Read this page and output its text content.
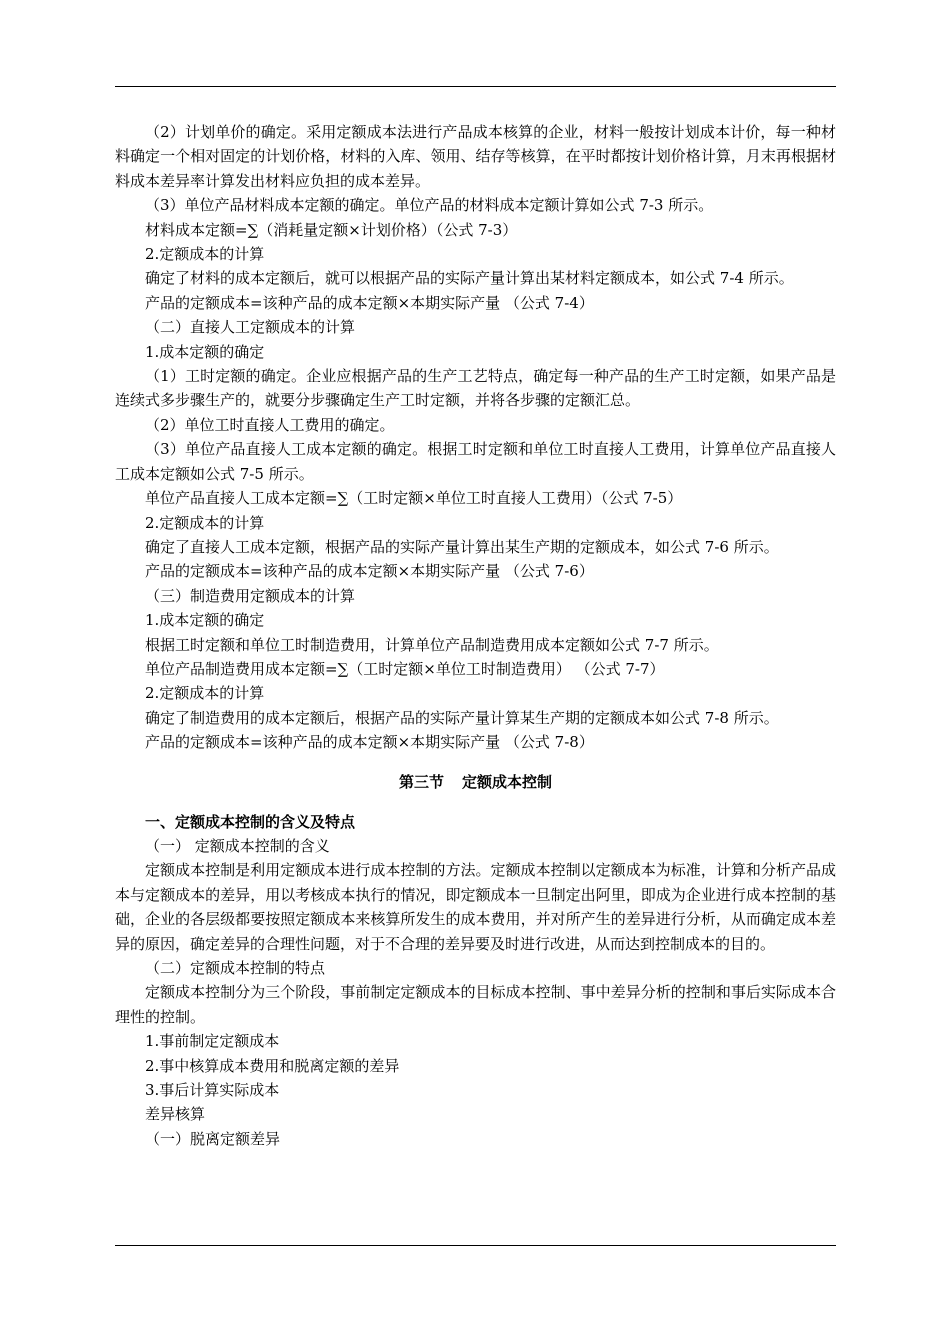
（2）计划单价的确定。采用定额成本法进行产品成本核算的企业，材料一般按计划成本计价，每一种材料确定一个相对固定的计划价格，材料的入库、领用、结存等核算，在平时都按计划价格计算，月末再根据材料成本差异率计算发出材料应负担的成本差异。

（3）单位产品材料成本定额的确定。单位产品的材料成本定额计算如公式 7-3 所示。

材料成本定额=∑（消耗量定额×计划价格）（公式 7-3）

2.定额成本的计算

确定了材料的成本定额后，就可以根据产品的实际产量计算出某材料定额成本，如公式 7-4 所示。

产品的定额成本=该种产品的成本定额×本期实际产量 （公式 7-4）

（二）直接人工定额成本的计算

1.成本定额的确定

（1）工时定额的确定。企业应根据产品的生产工艺特点，确定每一种产品的生产工时定额，如果产品是连续式多步骤生产的，就要分步骤确定生产工时定额，并将各步骤的定额汇总。

（2）单位工时直接人工费用的确定。

（3）单位产品直接人工成本定额的确定。根据工时定额和单位工时直接人工费用，计算单位产品直接人工成本定额如公式 7-5 所示。

单位产品直接人工成本定额=∑（工时定额×单位工时直接人工费用）（公式 7-5）

2.定额成本的计算

确定了直接人工成本定额，根据产品的实际产量计算出某生产期的定额成本，如公式 7-6 所示。

产品的定额成本=该种产品的成本定额×本期实际产量 （公式 7-6）

（三）制造费用定额成本的计算

1.成本定额的确定

根据工时定额和单位工时制造费用，计算单位产品制造费用成本定额如公式 7-7 所示。

单位产品制造费用成本定额=∑（工时定额×单位工时制造费用） （公式 7-7）

2.定额成本的计算

确定了制造费用的成本定额后，根据产品的实际产量计算某生产期的定额成本如公式 7-8 所示。

产品的定额成本=该种产品的成本定额×本期实际产量 （公式 7-8）

第三节 定额成本控制

一、定额成本控制的含义及特点

（一） 定额成本控制的含义

定额成本控制是利用定额成本进行成本控制的方法。定额成本控制以定额成本为标准，计算和分析产品成本与定额成本的差异，用以考核成本执行的情况，即定额成本一旦制定出阿里，即成为企业进行成本控制的基础，企业的各层级都要按照定额成本来核算所发生的成本费用，并对所产生的差异进行分析，从而确定成本差异的原因，确定差异的合理性问题，对于不合理的差异要及时进行改进，从而达到控制成本的目的。

（二）定额成本控制的特点

定额成本控制分为三个阶段，事前制定定额成本的目标成本控制、事中差异分析的控制和事后实际成本合理性的控制。

1.事前制定定额成本

2.事中核算成本费用和脱离定额的差异

3.事后计算实际成本

差异核算

（一）脱离定额差异
